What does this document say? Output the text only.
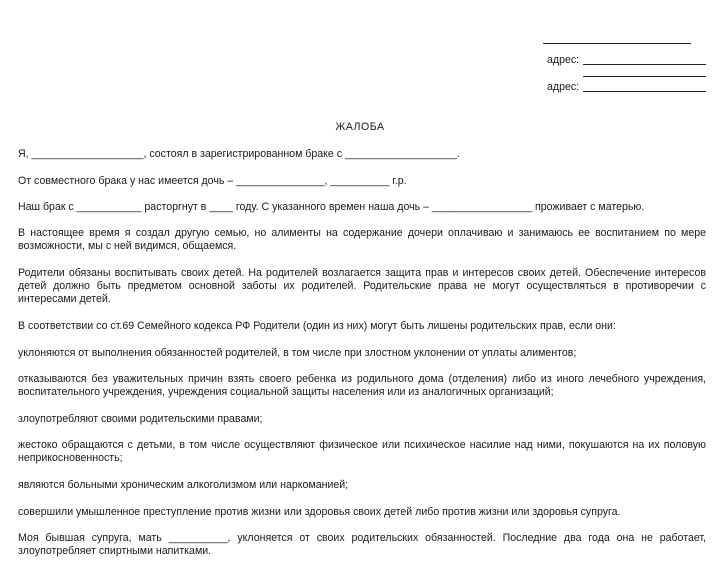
адрес:
адрес:
ЖАЛОБА
Я, ___________________, состоял в зарегистрированном браке с ___________________.
От совместного брака у нас имеется дочь – _______________, __________ г.р.
Наш брак с ___________ расторгнут в ____ году. С указанного времен наша дочь – _________________ проживает с матерью.
В настоящее время я создал другую семью, но алименты на содержание дочери оплачиваю и занимаюсь ее воспитанием по мере
возможности, мы с ней видимся, общаемся.
Родители обязаны воспитывать своих детей. На родителей возлагается защита прав и интересов своих детей. Обеспечение интересов
детей должно быть предметом основной заботы их родителей. Родительские права не могут осуществляться в противоречии с
интересами детей.
В соответствии со ст.69 Семейного кодекса РФ Родители (один из них) могут быть лишены родительских прав, если они:
уклоняются от выполнения обязанностей родителей, в том числе при злостном уклонении от уплаты алиментов;
отказываются без уважительных причин взять своего ребенка из родильного дома (отделения) либо из иного лечебного учреждения,
воспитательного учреждения, учреждения социальной защиты населения или из аналогичных организаций;
злоупотребляют своими родительскими правами;
жестоко обращаются с детьми, в том числе осуществляют физическое или психическое насилие над ними, покушаются на их половую
неприкосновенность;
являются больными хроническим алкоголизмом или наркоманией;
совершили умышленное преступление против жизни или здоровья своих детей либо против жизни или здоровья супруга.
Моя бывшая супруга, мать __________, уклоняется от своих родительских обязанностей. Последние два года она не работает,
злоупотребляет спиртными напитками.
